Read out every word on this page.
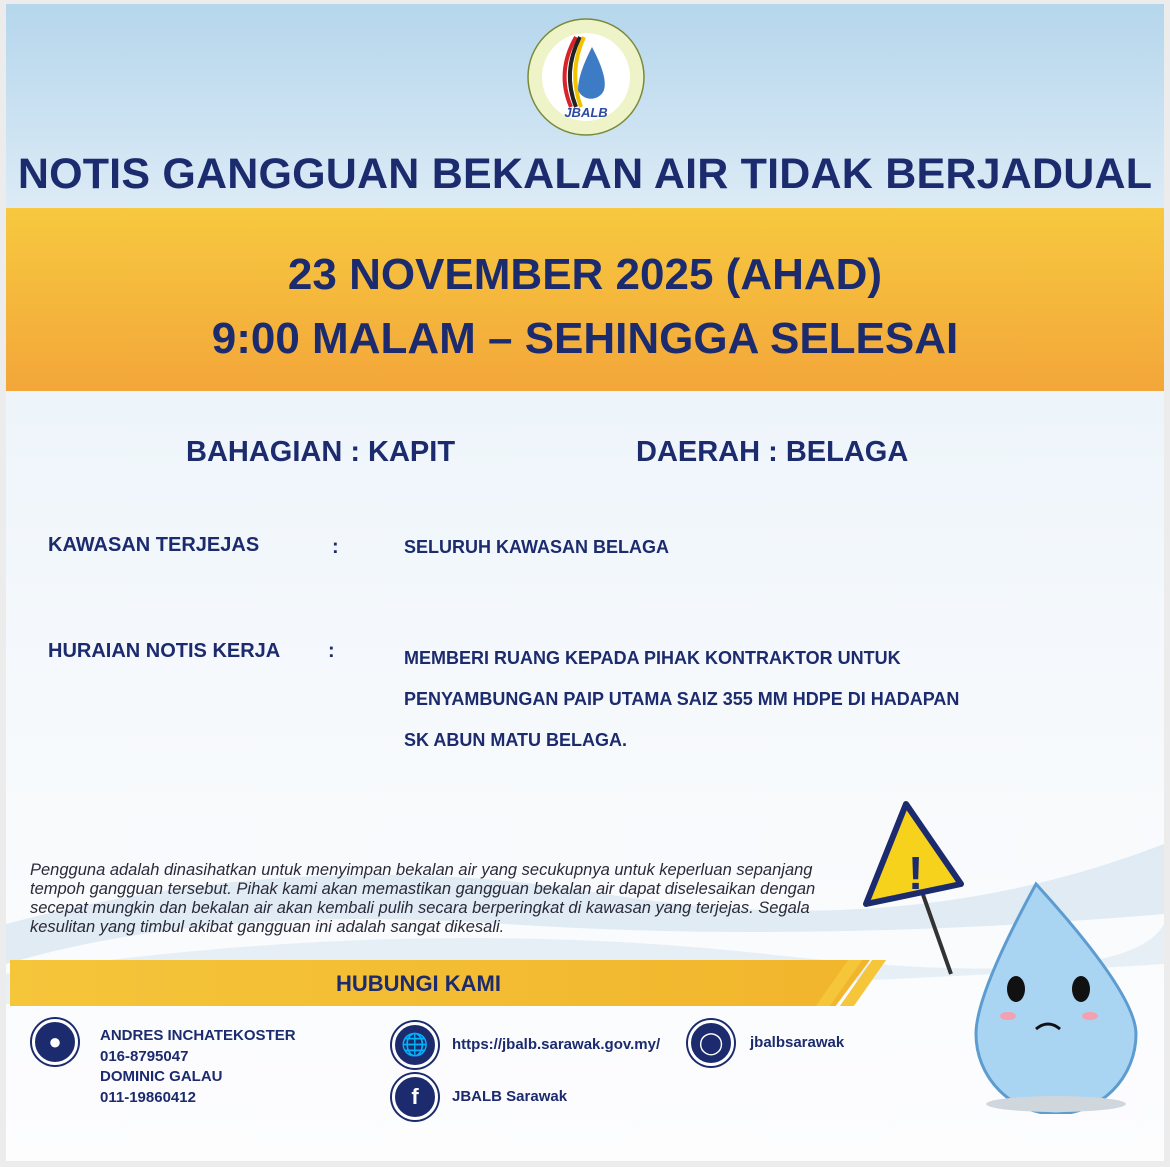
JBALB
NOTIS GANGGUAN BEKALAN AIR TIDAK BERJADUAL
23 NOVEMBER 2025 (AHAD)
9:00 MALAM – SEHINGGA SELESAI
BAHAGIAN : KAPIT	DAERAH : BELAGA
KAWASAN TERJEJAS	:	SELURUH KAWASAN BELAGA
HURAIAN NOTIS KERJA :	MEMBERI RUANG KEPADA PIHAK KONTRAKTOR UNTUK
PENYAMBUNGAN PAIP UTAMA SAIZ 355 MM HDPE DI HADAPAN
SK ABUN MATU BELAGA.
Pengguna adalah dinasihatkan untuk menyimpan bekalan air yang secukupnya untuk keperluan sepanjang tempoh gangguan tersebut. Pihak kami akan memastikan gangguan bekalan air dapat diselesaikan dengan secepat mungkin dan bekalan air akan kembali pulih secara berperingkat di kawasan yang terjejas. Segala kesulitan yang timbul akibat gangguan ini adalah sangat dikesali.
HUBUNGI KAMI
●	ANDRES INCHATEKOSTER
016-8795047
DOMINIC GALAU
011-19860412
🌐	https://jbalb.sarawak.gov.my/
f	JBALB Sarawak
◯	jbalbsarawak
!
